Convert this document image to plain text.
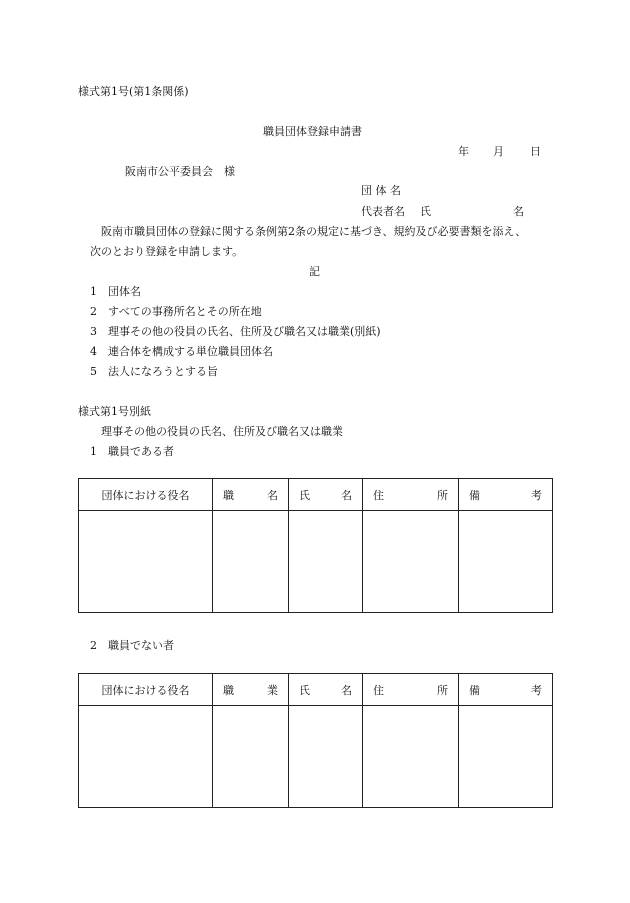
様式第1号(第1条関係)
職員団体登録申請書
年 月 日
阪南市公平委員会　様
団 体 名
代表者名 氏	名
阪南市職員団体の登録に関する条例第2条の規定に基づき、規約及び必要書類を添え、
次のとおり登録を申請します。
記
1 団体名
2 すべての事務所名とその所在地
3 理事その他の役員の氏名、住所及び職名又は職業(別紙)
4 連合体を構成する単位職員団体名
5 法人になろうとする旨
様式第1号別紙
理事その他の役員の氏名、住所及び職名又は職業
1 職員である者
団体における役名	職 名	氏 名	住 所	備 考

2 職員でない者
団体における役名	職 業	氏 名	住 所	備 考
